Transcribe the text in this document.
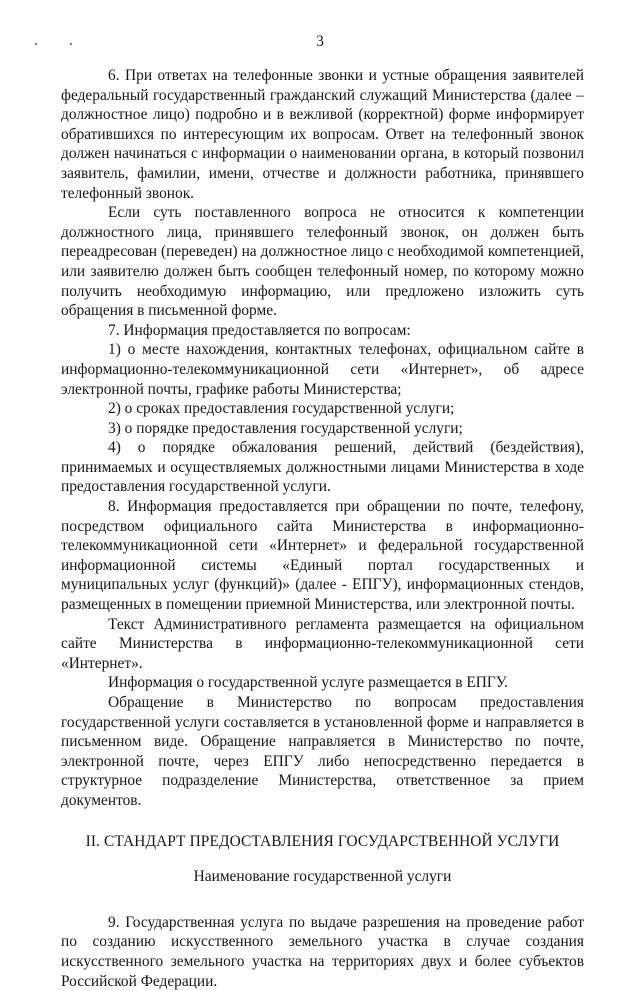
3

6. При ответах на телефонные звонки и устные обращения заявителей федеральный государственный гражданский служащий Министерства (далее – должностное лицо) подробно и в вежливой (корректной) форме информирует обратившихся по интересующим их вопросам. Ответ на телефонный звонок должен начинаться с информации о наименовании органа, в который позвонил заявитель, фамилии, имени, отчестве и должности работника, принявшего телефонный звонок.

Если суть поставленного вопроса не относится к компетенции должностного лица, принявшего телефонный звонок, он должен быть переадресован (переведен) на должностное лицо с необходимой компетенцией, или заявителю должен быть сообщен телефонный номер, по которому можно получить необходимую информацию, или предложено изложить суть обращения в письменной форме.

7. Информация предоставляется по вопросам:

1) о месте нахождения, контактных телефонах, официальном сайте в информационно-телекоммуникационной сети «Интернет», об адресе электронной почты, графике работы Министерства;

2) о сроках предоставления государственной услуги;

3) о порядке предоставления государственной услуги;

4) о порядке обжалования решений, действий (бездействия), принимаемых и осуществляемых должностными лицами Министерства в ходе предоставления государственной услуги.

8. Информация предоставляется при обращении по почте, телефону, посредством официального сайта Министерства в информационно-телекоммуникационной сети «Интернет» и федеральной государственной информационной системы «Единый портал государственных и муниципальных услуг (функций)» (далее - ЕПГУ), информационных стендов, размещенных в помещении приемной Министерства, или электронной почты.

Текст Административного регламента размещается на официальном сайте Министерства в информационно-телекоммуникационной сети «Интернет».

Информация о государственной услуге размещается в ЕПГУ.

Обращение в Министерство по вопросам предоставления государственной услуги составляется в установленной форме и направляется в письменном виде. Обращение направляется в Министерство по почте, электронной почте, через ЕПГУ либо непосредственно передается в структурное подразделение Министерства, ответственное за прием документов.

II. СТАНДАРТ ПРЕДОСТАВЛЕНИЯ ГОСУДАРСТВЕННОЙ УСЛУГИ
Наименование государственной услуги

9. Государственная услуга по выдаче разрешения на проведение работ по созданию искусственного земельного участка в случае создания искусственного земельного участка на территориях двух и более субъектов Российской Федерации.
